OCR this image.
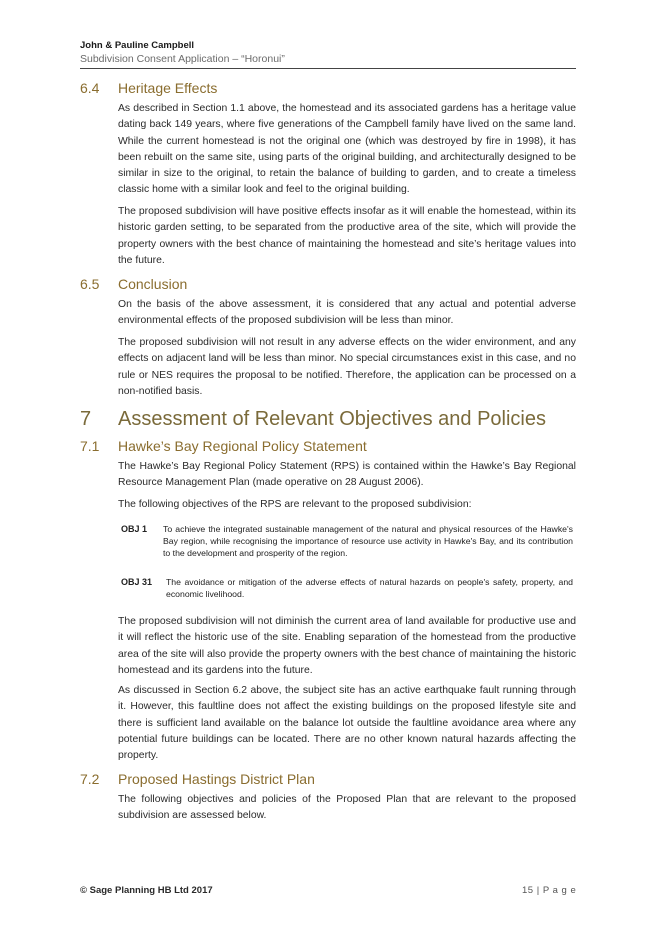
John & Pauline Campbell
Subdivision Consent Application – “Horonui”
6.4 Heritage Effects
As described in Section 1.1 above, the homestead and its associated gardens has a heritage value dating back 149 years, where five generations of the Campbell family have lived on the same land. While the current homestead is not the original one (which was destroyed by fire in 1998), it has been rebuilt on the same site, using parts of the original building, and architecturally designed to be similar in size to the original, to retain the balance of building to garden, and to create a timeless classic home with a similar look and feel to the original building.
The proposed subdivision will have positive effects insofar as it will enable the homestead, within its historic garden setting, to be separated from the productive area of the site, which will provide the property owners with the best chance of maintaining the homestead and site’s heritage values into the future.
6.5 Conclusion
On the basis of the above assessment, it is considered that any actual and potential adverse environmental effects of the proposed subdivision will be less than minor.
The proposed subdivision will not result in any adverse effects on the wider environment, and any effects on adjacent land will be less than minor. No special circumstances exist in this case, and no rule or NES requires the proposal to be notified. Therefore, the application can be processed on a non-notified basis.
7 Assessment of Relevant Objectives and Policies
7.1 Hawke’s Bay Regional Policy Statement
The Hawke’s Bay Regional Policy Statement (RPS) is contained within the Hawke’s Bay Regional Resource Management Plan (made operative on 28 August 2006).
The following objectives of the RPS are relevant to the proposed subdivision:
OBJ 1 To achieve the integrated sustainable management of the natural and physical resources of the Hawke's Bay region, while recognising the importance of resource use activity in Hawke's Bay, and its contribution to the development and prosperity of the region.
OBJ 31 The avoidance or mitigation of the adverse effects of natural hazards on people's safety, property, and economic livelihood.
The proposed subdivision will not diminish the current area of land available for productive use and it will reflect the historic use of the site. Enabling separation of the homestead from the productive area of the site will also provide the property owners with the best chance of maintaining the historic homestead and its gardens into the future.
As discussed in Section 6.2 above, the subject site has an active earthquake fault running through it. However, this faultline does not affect the existing buildings on the proposed lifestyle site and there is sufficient land available on the balance lot outside the faultline avoidance area where any potential future buildings can be located. There are no other known natural hazards affecting the property.
7.2 Proposed Hastings District Plan
The following objectives and policies of the Proposed Plan that are relevant to the proposed subdivision are assessed below.
© Sage Planning HB Ltd 2017	15 | P a g e
